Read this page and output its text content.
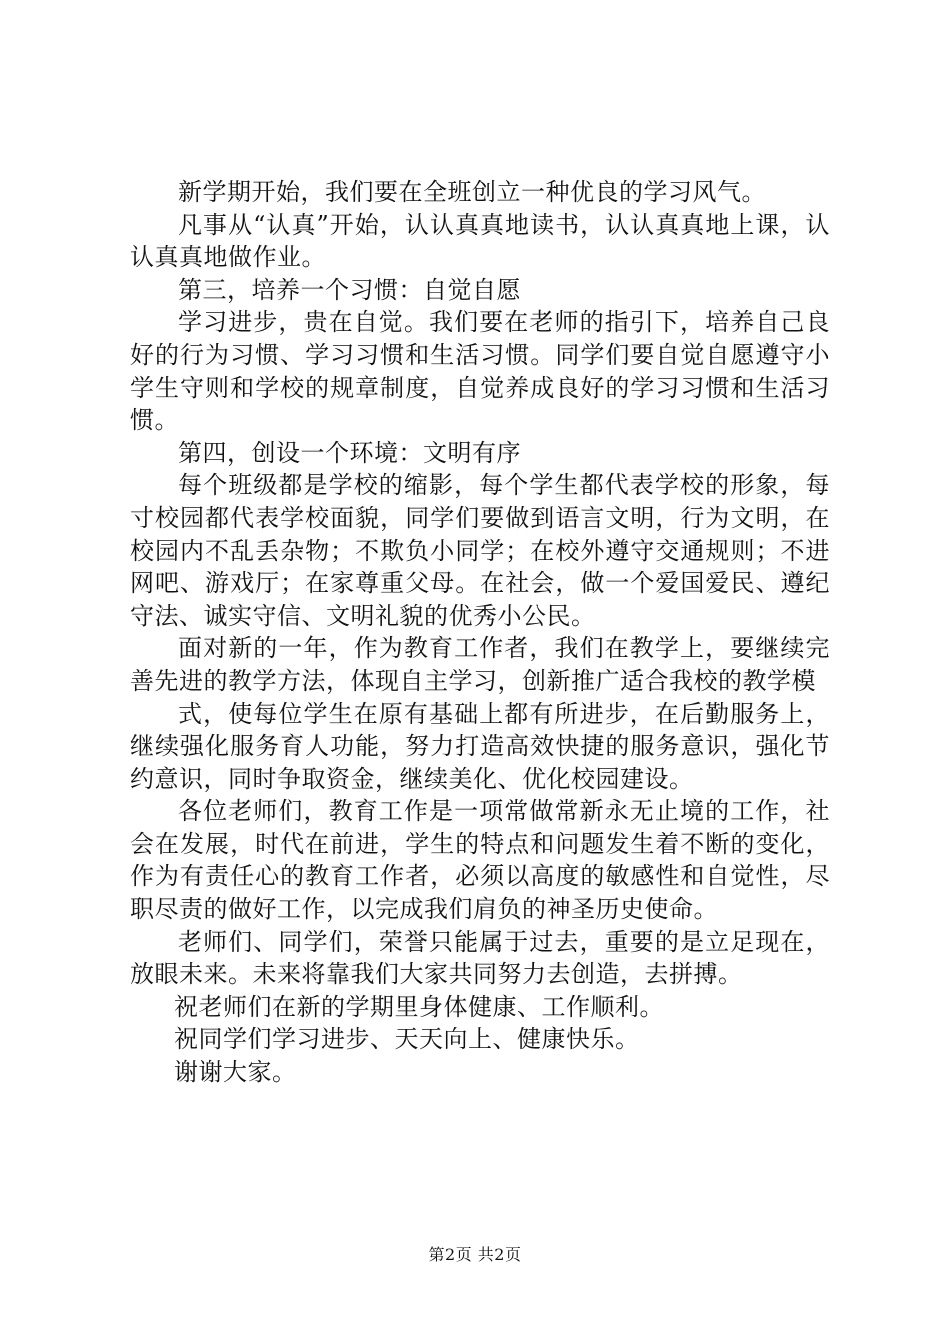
新学期开始，我们要在全班创立一种优良的学习风气。

凡事从“认真”开始，认认真真地读书，认认真真地上课，认认真真地做作业。

第三，培养一个习惯：自觉自愿

学习进步，贵在自觉。我们要在老师的指引下，培养自己良好的行为习惯、学习习惯和生活习惯。同学们要自觉自愿遵守小学生守则和学校的规章制度，自觉养成良好的学习习惯和生活习惯。

第四，创设一个环境：文明有序

每个班级都是学校的缩影，每个学生都代表学校的形象，每寸校园都代表学校面貌，同学们要做到语言文明，行为文明，在校园内不乱丢杂物；不欺负小同学；在校外遵守交通规则；不进网吧、游戏厅；在家尊重父母。在社会，做一个爱国爱民、遵纪守法、诚实守信、文明礼貌的优秀小公民。

面对新的一年，作为教育工作者，我们在教学上，要继续完善先进的教学方法，体现自主学习，创新推广适合我校的教学模

式，使每位学生在原有基础上都有所进步，在后勤服务上，继续强化服务育人功能，努力打造高效快捷的服务意识，强化节约意识，同时争取资金，继续美化、优化校园建设。

各位老师们，教育工作是一项常做常新永无止境的工作，社会在发展，时代在前进，学生的特点和问题发生着不断的变化，作为有责任心的教育工作者，必须以高度的敏感性和自觉性，尽职尽责的做好工作，以完成我们肩负的神圣历史使命。

老师们、同学们，荣誉只能属于过去，重要的是立足现在，放眼未来。未来将靠我们大家共同努力去创造，去拼搏。

祝老师们在新的学期里身体健康、工作顺利。

祝同学们学习进步、天天向上、健康快乐。

谢谢大家。

第2页 共2页
